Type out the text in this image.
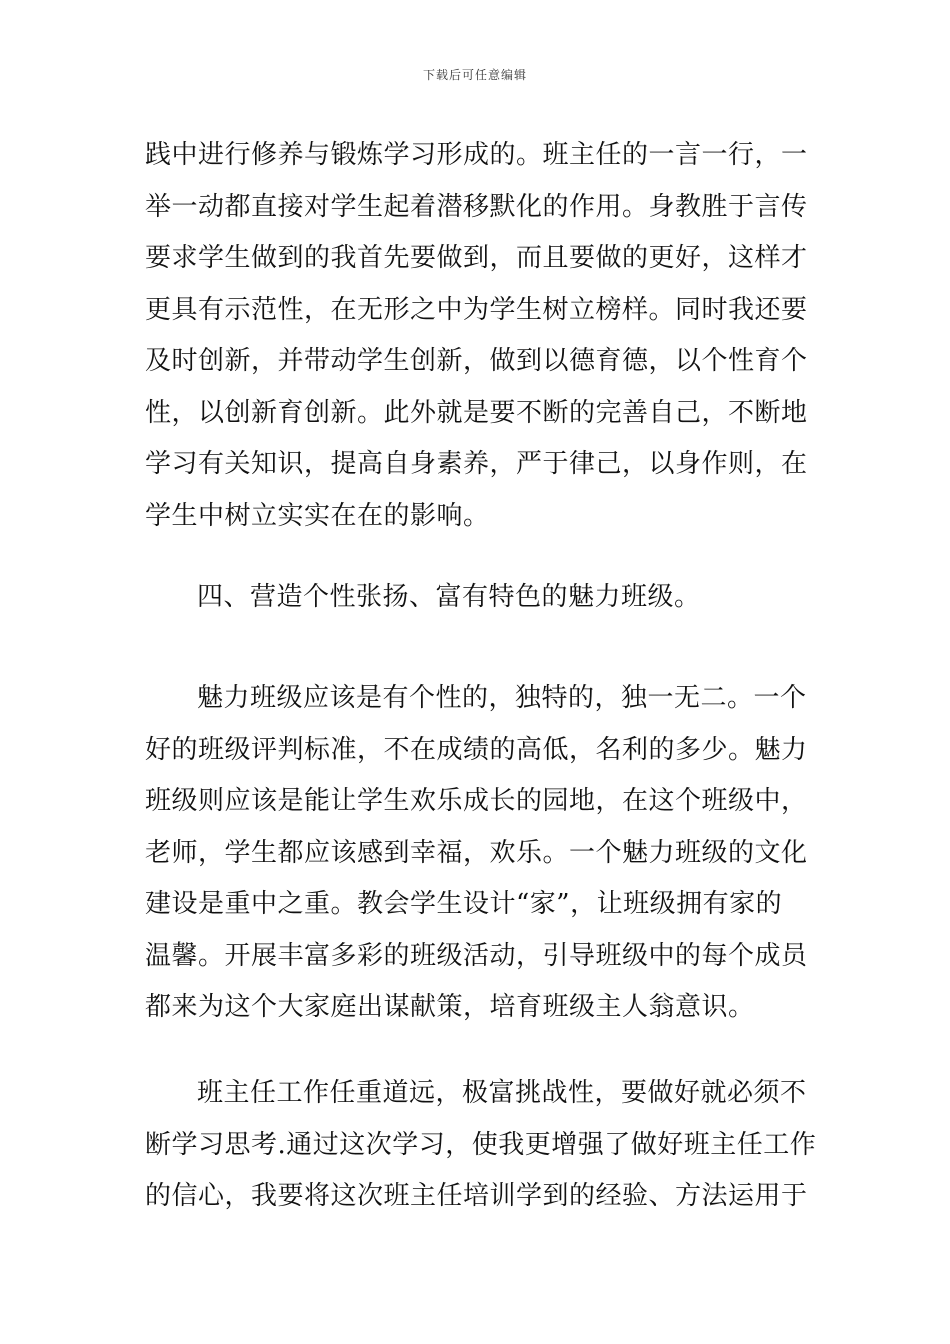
下载后可任意编辑
践中进行修养与锻炼学习形成的。班主任的一言一行，一
举一动都直接对学生起着潜移默化的作用。身教胜于言传
要求学生做到的我首先要做到，而且要做的更好，这样才
更具有示范性，在无形之中为学生树立榜样。同时我还要
及时创新，并带动学生创新，做到以德育德，以个性育个
性，以创新育创新。此外就是要不断的完善自己，不断地
学习有关知识，提高自身素养，严于律己，以身作则，在
学生中树立实实在在的影响。
四、营造个性张扬、富有特色的魅力班级。
魅力班级应该是有个性的，独特的，独一无二。一个
好的班级评判标准，不在成绩的高低，名利的多少。魅力
班级则应该是能让学生欢乐成长的园地，在这个班级中，
老师，学生都应该感到幸福，欢乐。一个魅力班级的文化
建设是重中之重。教会学生设计“家”，让班级拥有家的
温馨。开展丰富多彩的班级活动，引导班级中的每个成员
都来为这个大家庭出谋献策，培育班级主人翁意识。
班主任工作任重道远，极富挑战性，要做好就必须不
断学习思考.通过这次学习，使我更增强了做好班主任工作
的信心，我要将这次班主任培训学到的经验、方法运用于
